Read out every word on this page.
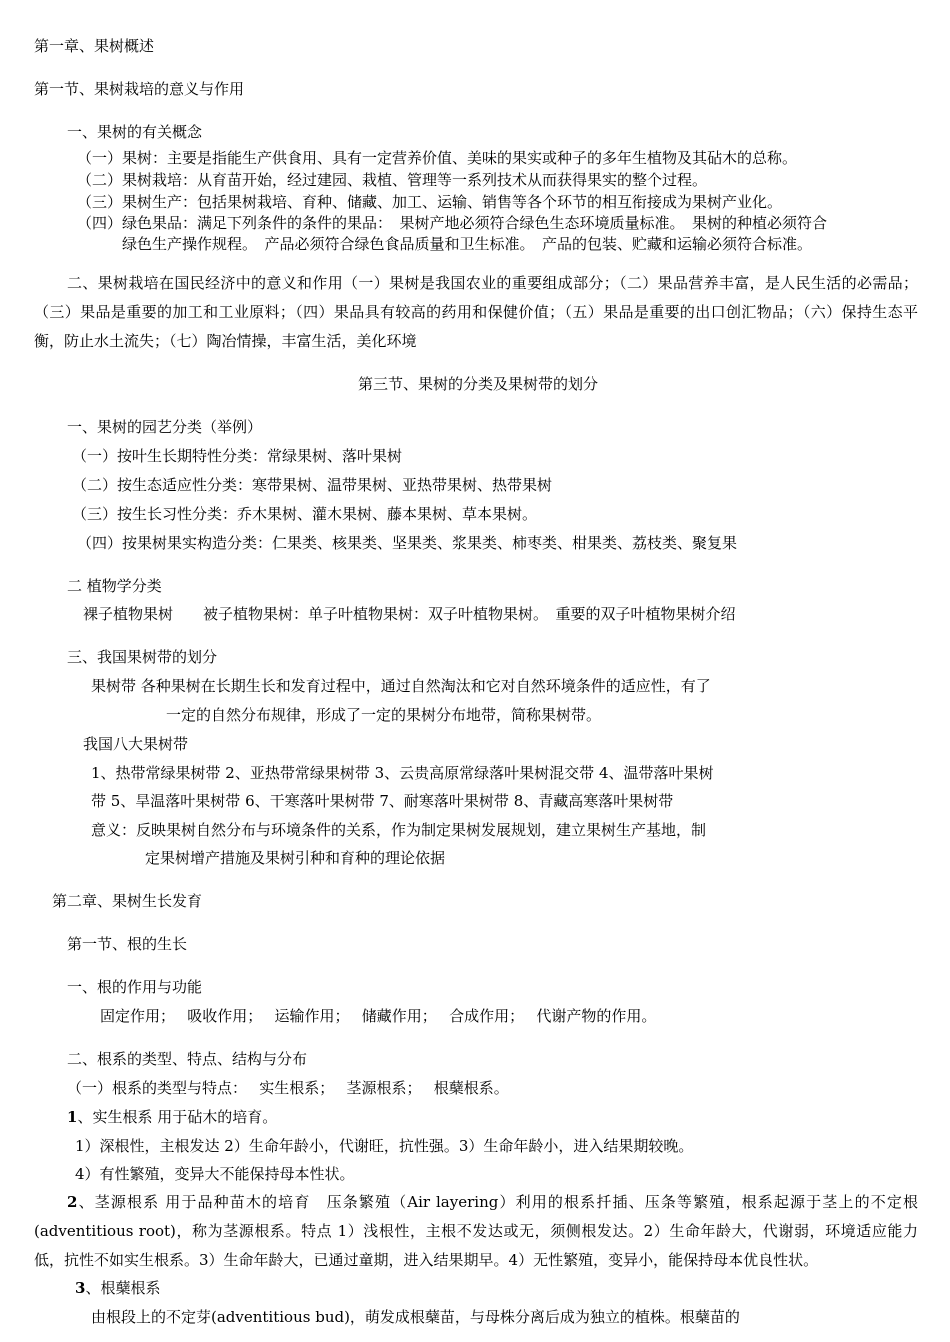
第一章、果树概述
第一节、果树栽培的意义与作用
一、果树的有关概念
（一）果树：主要是指能生产供食用、具有一定营养价值、美味的果实或种子的多年生植物及其砧木的总称。
（二）果树栽培：从育苗开始，经过建园、栽植、管理等一系列技术从而获得果实的整个过程。
（三）果树生产：包括果树栽培、育种、储藏、加工、运输、销售等各个环节的相互衔接成为果树产业化。
（四）绿色果品：满足下列条件的条件的果品：　果树产地必须符合绿色生态环境质量标准。　果树的种植必须符合
绿色生产操作规程。　产品必须符合绿色食品质量和卫生标准。　产品的包装、贮藏和运输必须符合标准。
二、果树栽培在国民经济中的意义和作用（一）果树是我国农业的重要组成部分；（二）果品营养丰富，是人民生活的必需品；（三）果品是重要的加工和工业原料；（四）果品具有较高的药用和保健价值；（五）果品是重要的出口创汇物品；（六）保持生态平衡，防止水土流失；（七）陶冶情操，丰富生活，美化环境
第三节、果树的分类及果树带的划分
一、果树的园艺分类（举例）
（一）按叶生长期特性分类：常绿果树、落叶果树
（二）按生态适应性分类：寒带果树、温带果树、亚热带果树、热带果树
（三）按生长习性分类：乔木果树、灌木果树、藤本果树、草本果树。
（四）按果树果实构造分类：仁果类、核果类、坚果类、浆果类、柿枣类、柑果类、荔枝类、聚复果
二 植物学分类
裸子植物果树　　被子植物果树：单子叶植物果树：双子叶植物果树。　重要的双子叶植物果树介绍
三、我国果树带的划分
果树带 各种果树在长期生长和发育过程中，通过自然淘汰和它对自然环境条件的适应性，有了
一定的自然分布规律，形成了一定的果树分布地带，简称果树带。
我国八大果树带
1、热带常绿果树带 2、亚热带常绿果树带 3、云贵高原常绿落叶果树混交带 4、温带落叶果树
带 5、旱温落叶果树带 6、干寒落叶果树带 7、耐寒落叶果树带 8、青藏高寒落叶果树带
意义：反映果树自然分布与环境条件的关系，作为制定果树发展规划，建立果树生产基地，制
定果树增产措施及果树引种和育种的理论依据
第二章、果树生长发育
第一节、根的生长
一、根的作用与功能
固定作用；　 吸收作用；　 运输作用；　 储藏作用；　 合成作用；　 代谢产物的作用。
二、根系的类型、特点、结构与分布
（一）根系的类型与特点：　 实生根系；　 茎源根系；　 根蘖根系。
1、实生根系 用于砧木的培育。
1）深根性，主根发达 2）生命年龄小，代谢旺，抗性强。3）生命年龄小，进入结果期较晚。
4）有性繁殖，变异大不能保持母本性状。
2、茎源根系 用于品种苗木的培育　压条繁殖（Air layering）利用的根系扦插、压条等繁殖，根系起源于茎上的不定根(adventitious root)，称为茎源根系。特点 1）浅根性，主根不发达或无，须侧根发达。2）生命年龄大，代谢弱，环境适应能力低，抗性不如实生根系。3）生命年龄大，已通过童期，进入结果期早。4）无性繁殖，变异小，能保持母本优良性状。
3、根蘖根系
由根段上的不定芽(adventitious bud)，萌发成根蘖苗，与母株分离后成为独立的植株。根蘖苗的
